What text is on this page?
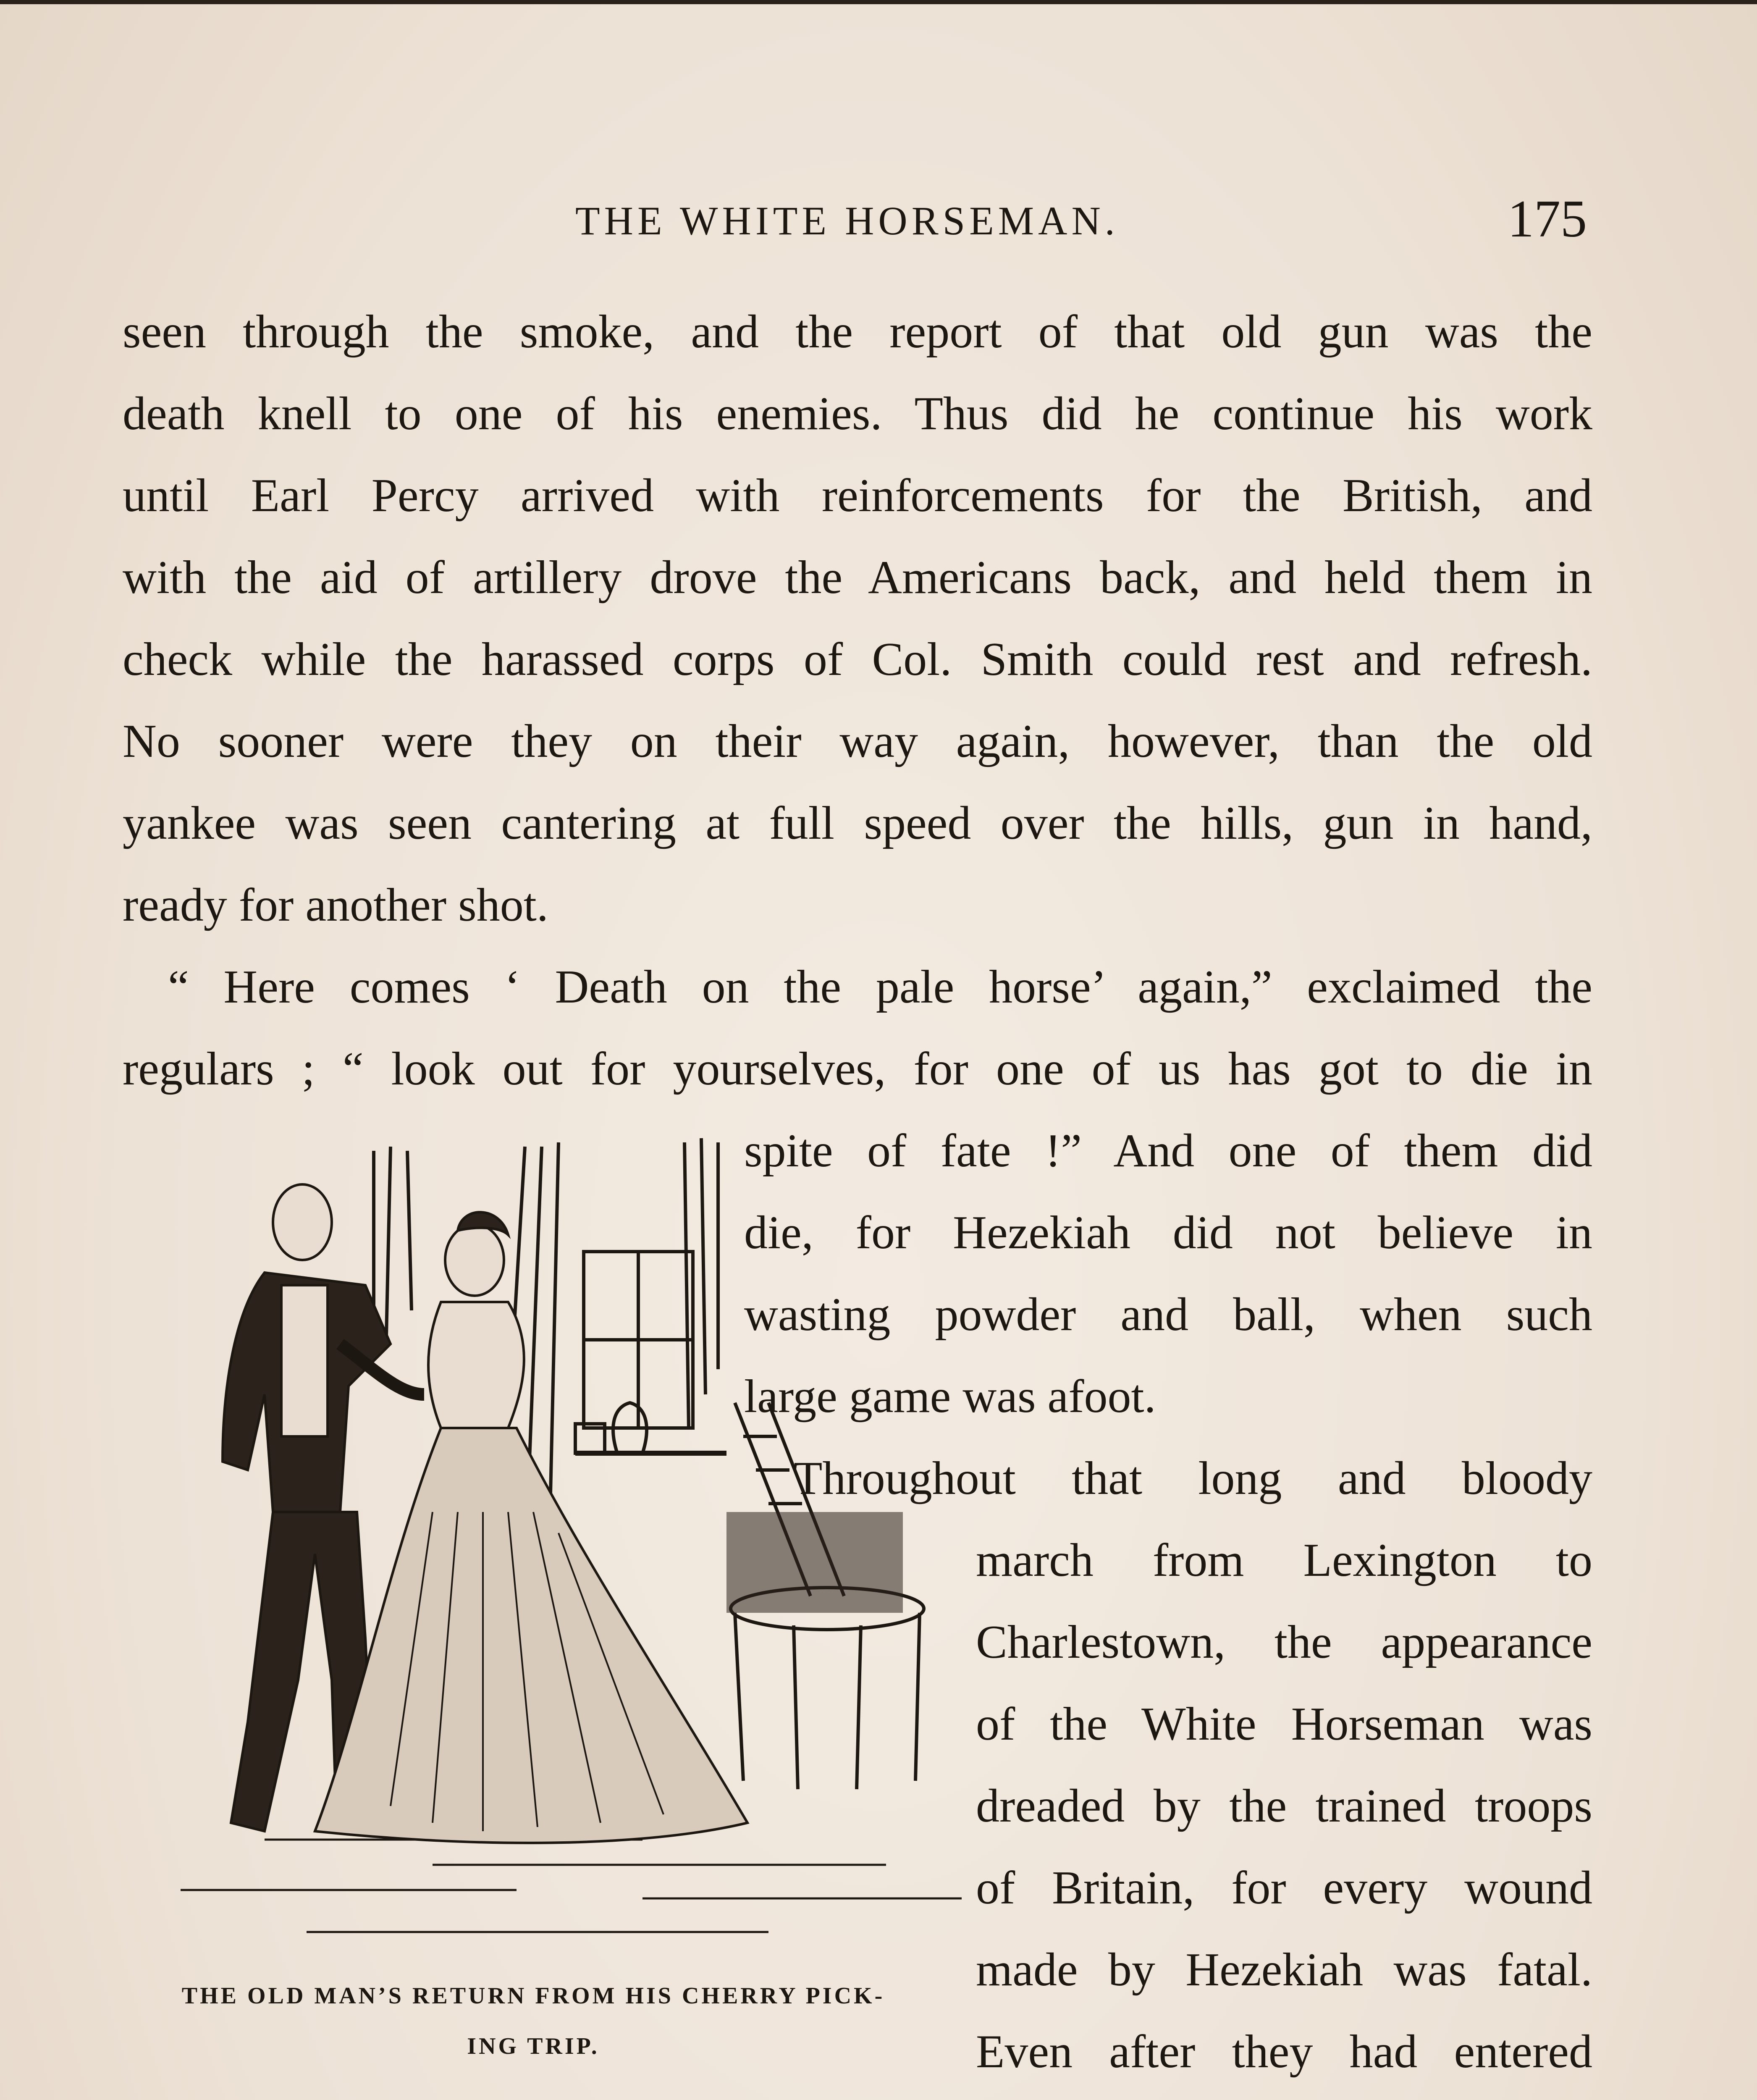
THE WHITE HORSEMAN.	175
seen through the smoke, and the report of that old gun was the
death knell to one of his enemies. Thus did he continue his work
until Earl Percy arrived with reinforcements for the British, and
with the aid of artillery drove the Americans back, and held them in
check while the harassed corps of Col. Smith could rest and refresh.
No sooner were they on their way again, however, than the old
yankee was seen cantering at full speed over the hills, gun in hand,
ready for another shot.
“ Here comes ‘ Death on the pale horse’ again,” exclaimed the
regulars ; “ look out for yourselves, for one of us has got to die in
spite of fate !” And one of them did
die, for Hezekiah did not believe in
wasting powder and ball, when such
large game was afoot.
Throughout that long and bloody
march from Lexington to
Charlestown, the appearance
of the White Horseman was
dreaded by the trained troops
of Britain, for every wound
made by Hezekiah was fatal.
Even after they had entered
THE OLD MAN’S RETURN FROM HIS CHERRY PICK-
ING TRIP.
